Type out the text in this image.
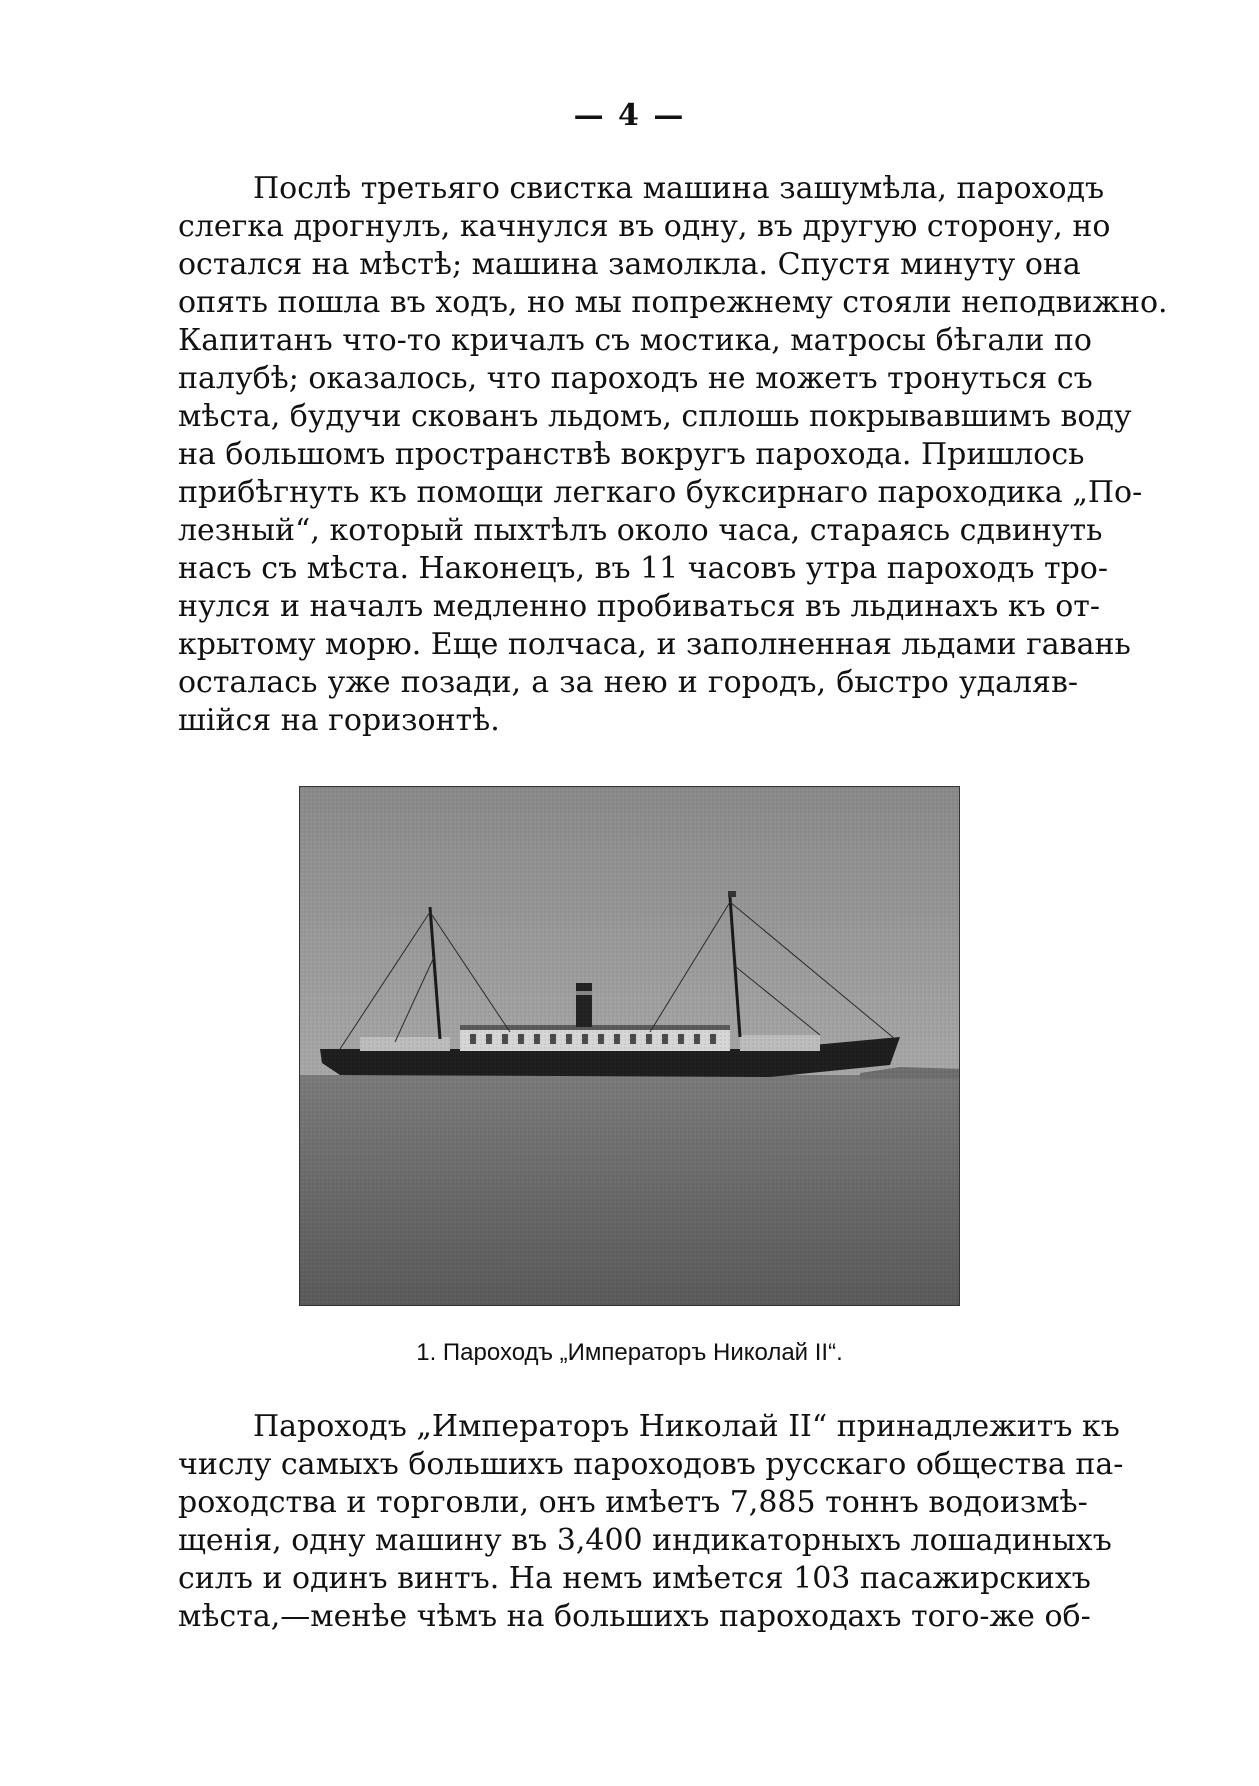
— 4 —
Послѣ третьяго свистка машина зашумѣла, пароходъ
слегка дрогнулъ, качнулся въ одну, въ другую сторону, но
остался на мѣстѣ; машина замолкла. Спустя минуту она
опять пошла въ ходъ, но мы попрежнему стояли неподвижно.
Капитанъ что-то кричалъ съ мостика, матросы бѣгали по
палубѣ; оказалось, что пароходъ не можетъ тронуться съ
мѣста, будучи скованъ льдомъ, сплошь покрывавшимъ воду
на большомъ пространствѣ вокругъ парохода. Пришлось
прибѣгнуть къ помощи легкаго буксирнаго пароходика „По-
лезный“, который пыхтѣлъ около часа, стараясь сдвинуть
насъ съ мѣста. Наконецъ, въ 11 часовъ утра пароходъ тро-
нулся и началъ медленно пробиваться въ льдинахъ къ от-
крытому морю. Еще полчаса, и заполненная льдами гавань
осталась уже позади, а за нею и городъ, быстро удаляв-
шійся на горизонтѣ.
1. Пароходъ „Императоръ Николай II“.
Пароходъ „Императоръ Николай II“ принадлежитъ къ
числу самыхъ большихъ пароходовъ русскаго общества па-
роходства и торговли, онъ имѣетъ 7,885 тоннъ водоизмѣ-
щенія, одну машину въ 3,400 индикаторныхъ лошадиныхъ
силъ и одинъ винтъ. На немъ имѣется 103 пасажирскихъ
мѣста,—менѣе чѣмъ на большихъ пароходахъ того-же об-
